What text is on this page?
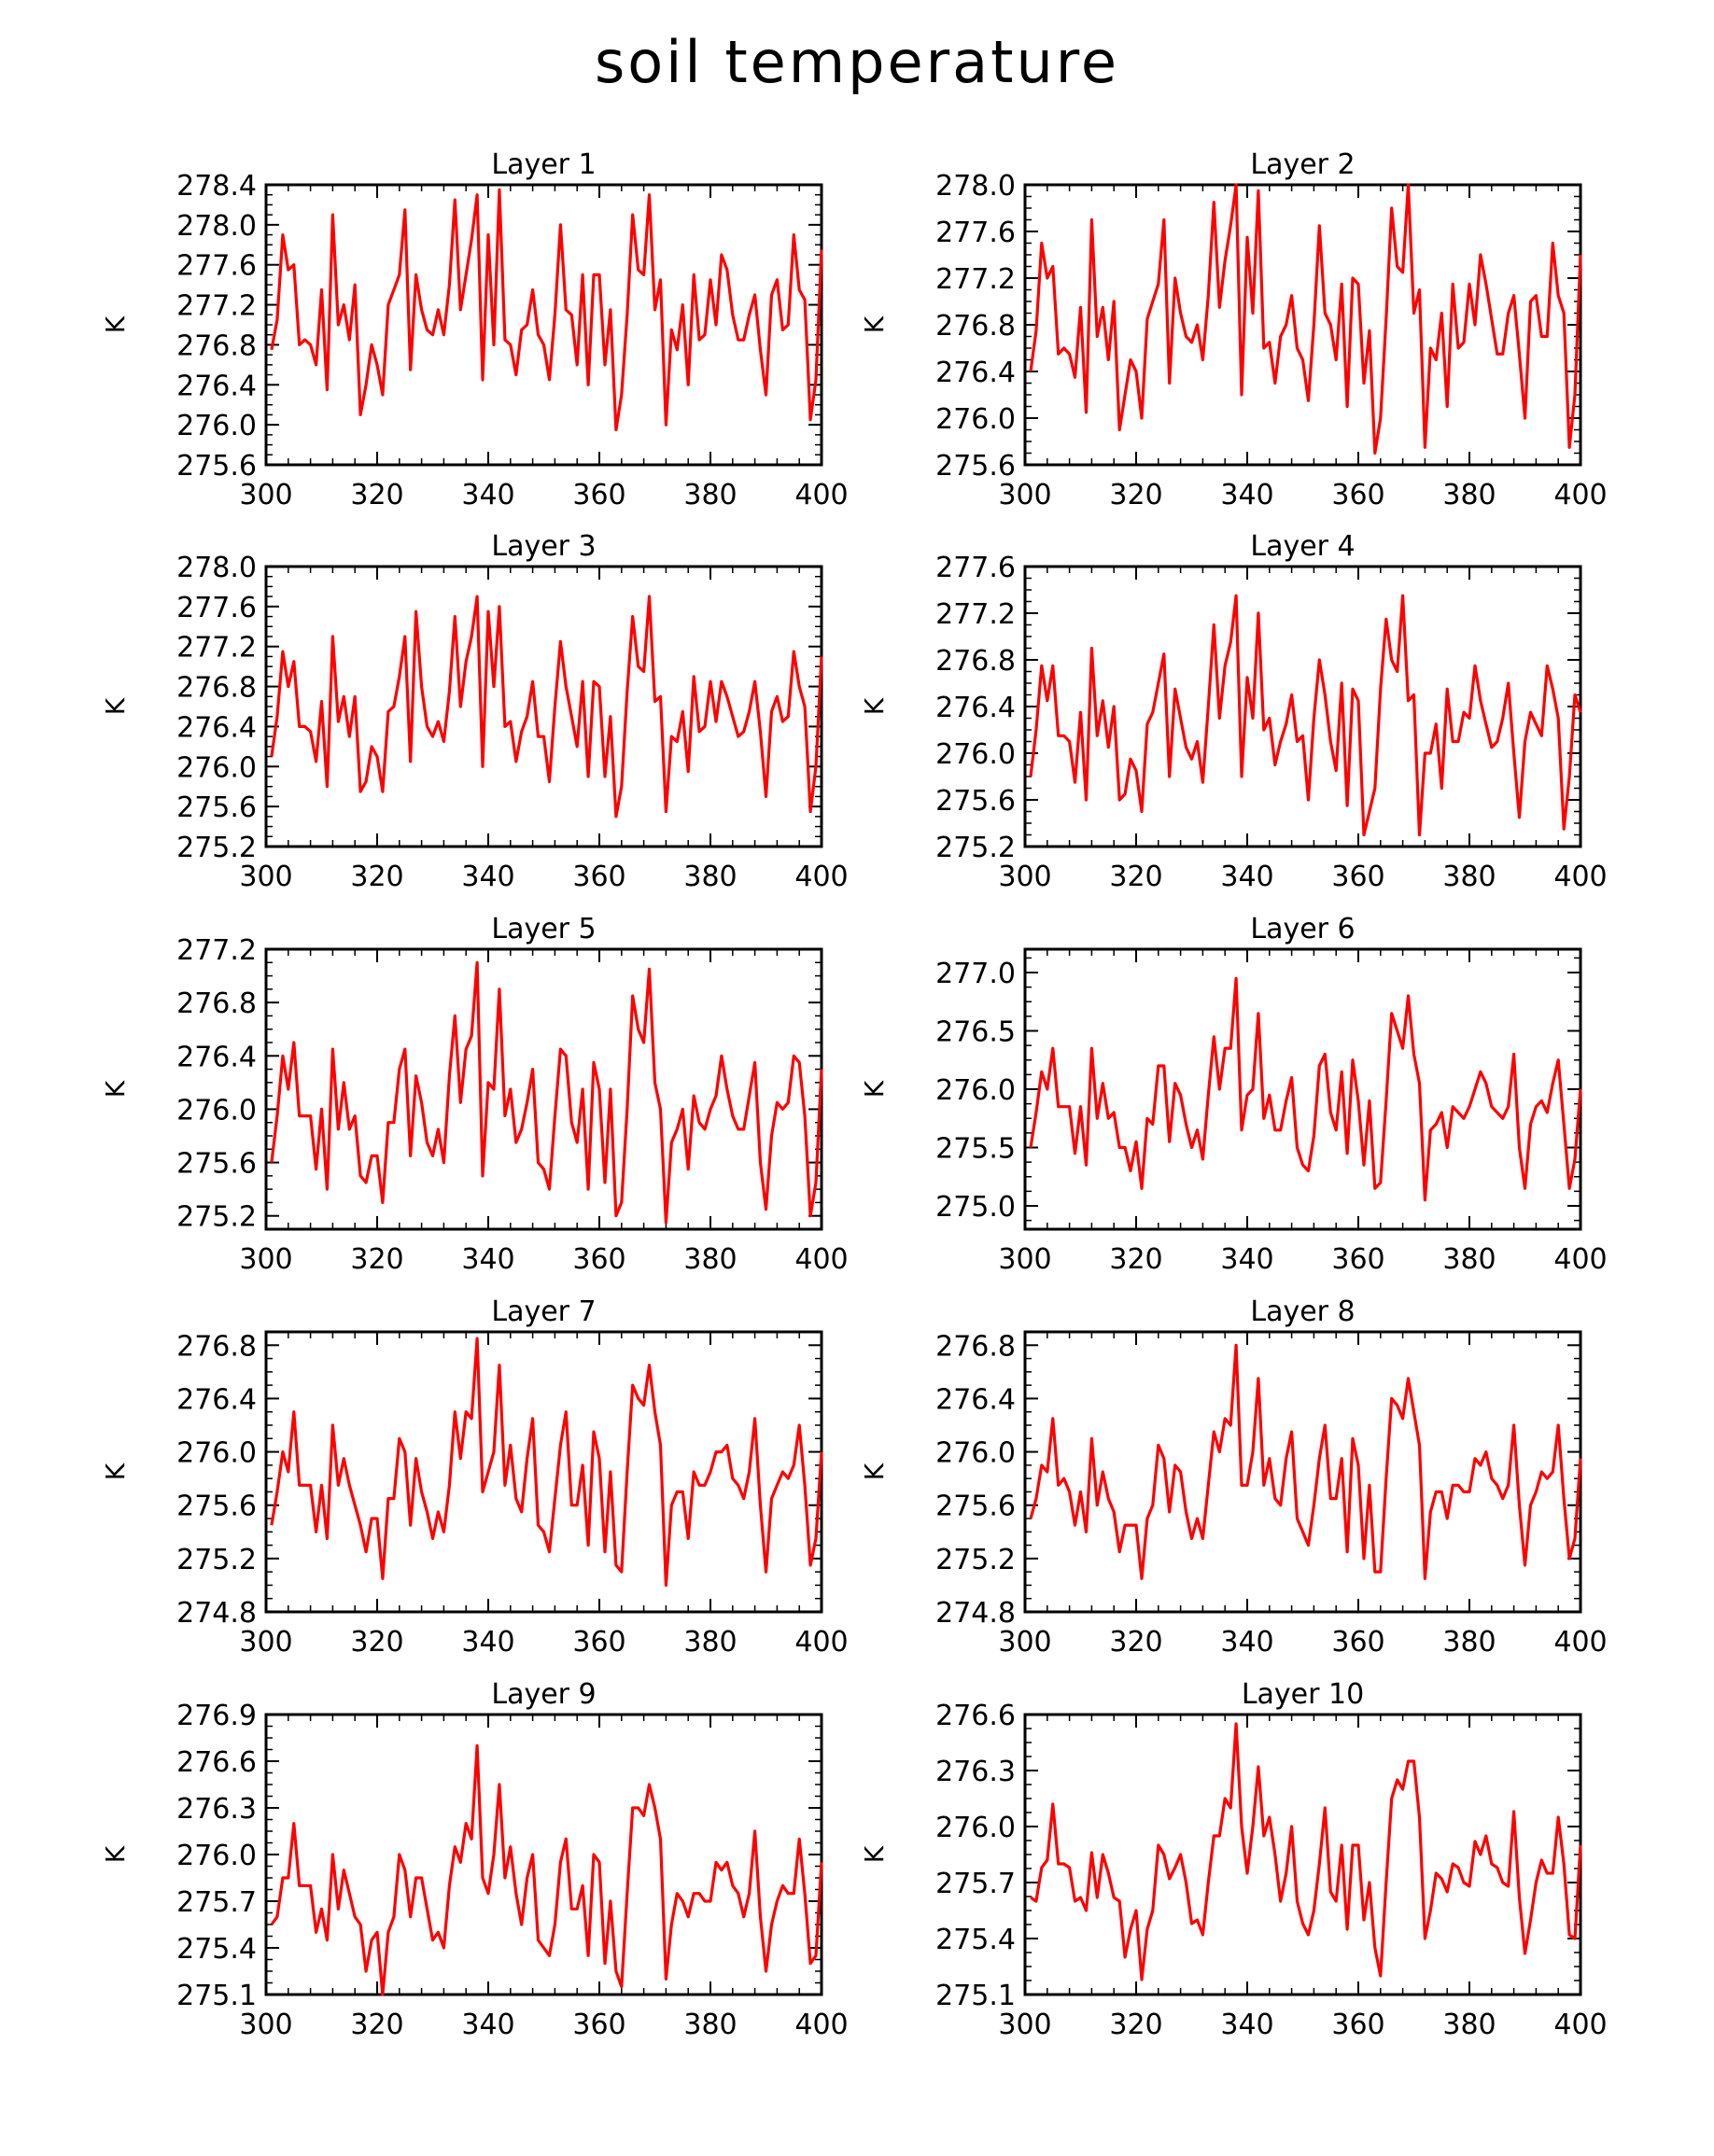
soil temperature
Layer 1
K
300 320 340 360 380 400
275.6
276.0
276.4
276.8
277.2
277.6
278.0
278.4
Layer 2
K
300 320 340 360 380 400
275.6
276.0
276.4
276.8
277.2
277.6
278.0
Layer 3
K
300 320 340 360 380 400
275.2
275.6
276.0
276.4
276.8
277.2
277.6
278.0
Layer 4
K
300 320 340 360 380 400
275.2
275.6
276.0
276.4
276.8
277.2
277.6
Layer 5
K
300 320 340 360 380 400
275.2
275.6
276.0
276.4
276.8
277.2
Layer 6
K
300 320 340 360 380 400
275.0
275.5
276.0
276.5
277.0
Layer 7
K
300 320 340 360 380 400
274.8
275.2
275.6
276.0
276.4
276.8
Layer 8
K
300 320 340 360 380 400
274.8
275.2
275.6
276.0
276.4
276.8
Layer 9
K
300 320 340 360 380 400
275.1
275.4
275.7
276.0
276.3
276.6
276.9
Layer 10
K
300 320 340 360 380 400
275.1
275.4
275.7
276.0
276.3
276.6
